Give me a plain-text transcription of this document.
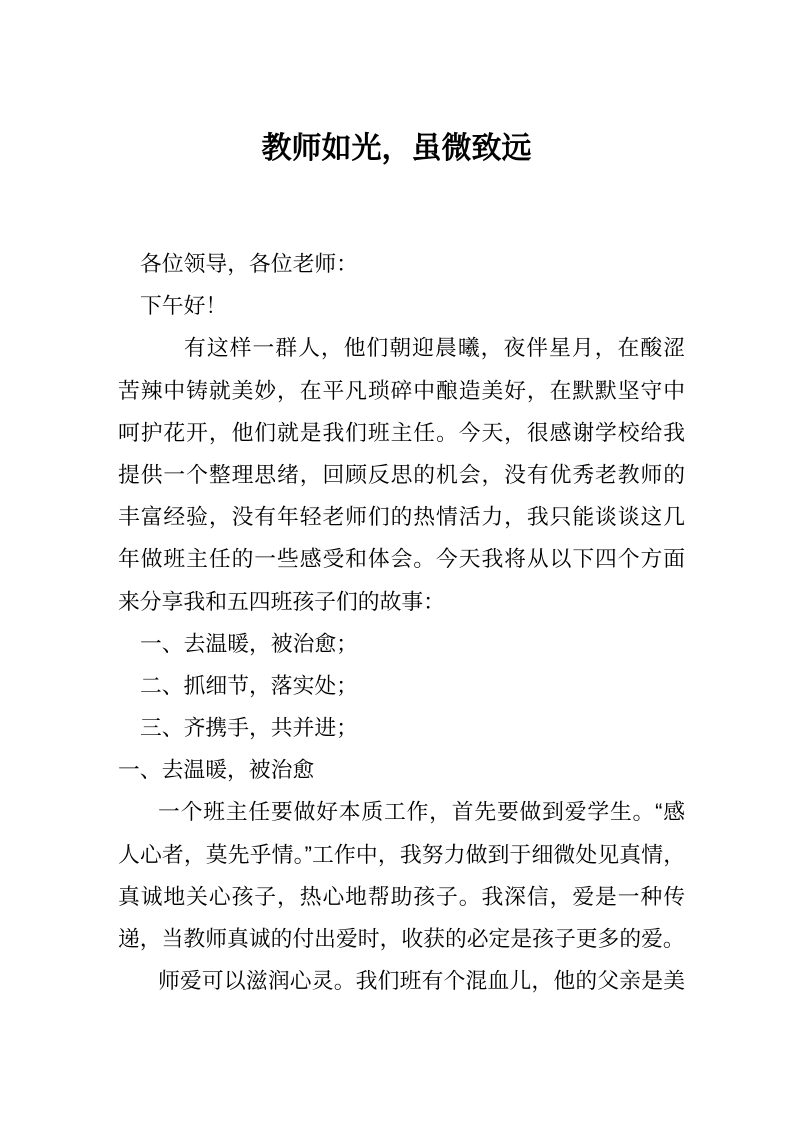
教师如光，虽微致远
各位领导，各位老师：
下午好！
有这样一群人，他们朝迎晨曦，夜伴星月，在酸涩
苦辣中铸就美妙，在平凡琐碎中酿造美好，在默默坚守中
呵护花开，他们就是我们班主任。今天，很感谢学校给我
提供一个整理思绪，回顾反思的机会，没有优秀老教师的
丰富经验，没有年轻老师们的热情活力，我只能谈谈这几
年做班主任的一些感受和体会。今天我将从以下四个方面
来分享我和五四班孩子们的故事：
一、去温暖，被治愈；
二、抓细节，落实处；
三、齐携手，共并进；
一、去温暖，被治愈
一个班主任要做好本质工作，首先要做到爱学生。“感
人心者，莫先乎情。”工作中，我努力做到于细微处见真情，
真诚地关心孩子，热心地帮助孩子。我深信，爱是一种传
递，当教师真诚的付出爱时，收获的必定是孩子更多的爱。
师爱可以滋润心灵。我们班有个混血儿，他的父亲是美
